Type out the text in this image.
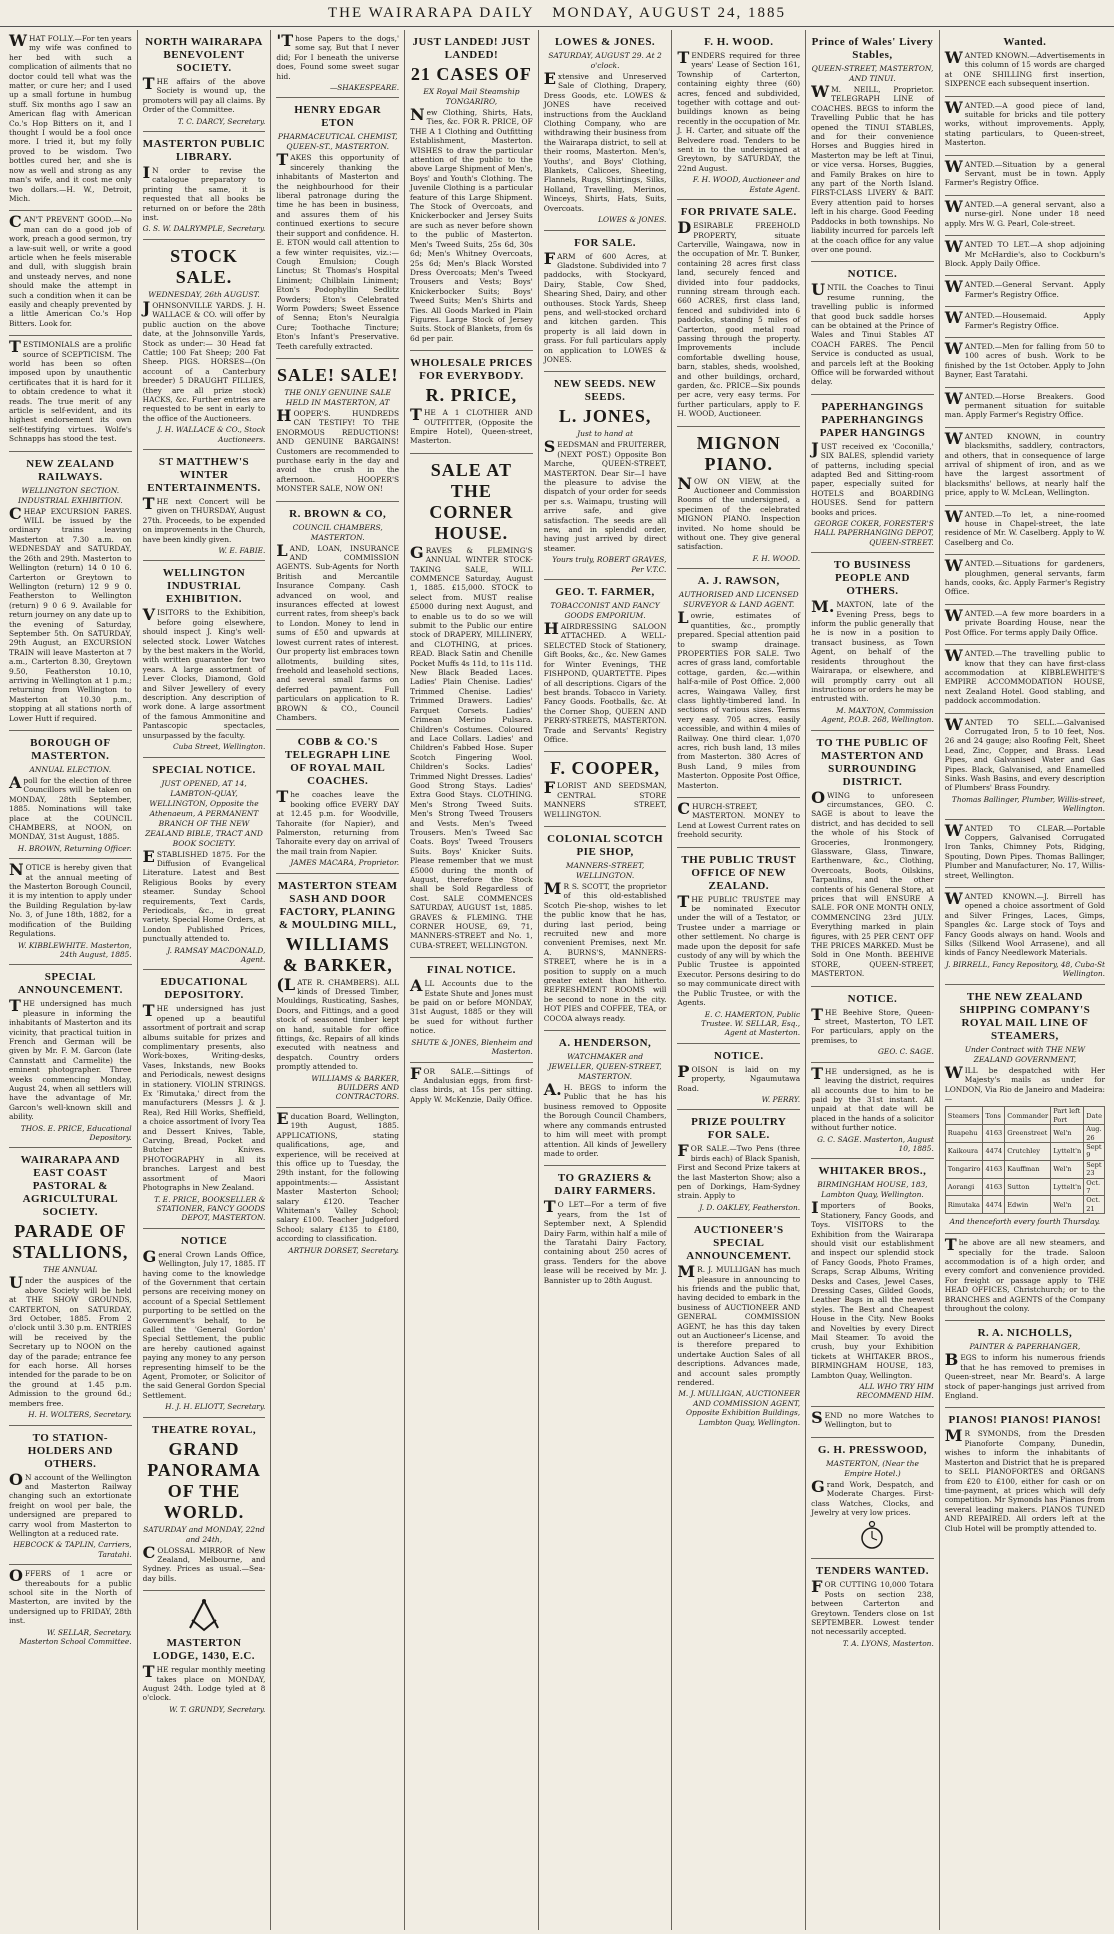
THE WAIRARAPA DAILY MONDAY, AUGUST 24, 1885

WHAT FOLLY.—For ten years my wife was confined to her bed with such a complication of ailments that no doctor could tell what was the matter, or cure her; and I used up a small fortune in humbug stuff. Six months ago I saw an American flag with American Co.'s Hop Bitters on it, and I thought I would be a fool once more. I tried it, but my folly proved to be wisdom. Two bottles cured her, and she is now as well and strong as any man's wife, and it cost me only two dollars.—H. W., Detroit, Mich.

CAN'T PREVENT GOOD.—No man can do a good job of work, preach a good sermon, try a law-suit well, or write a good article when he feels miserable and dull, with sluggish brain and unsteady nerves, and none should make the attempt in such a condition when it can be easily and cheaply prevented by a little American Co.'s Hop Bitters. Look for.

TESTIMONIALS are a prolific source of SCEPTICISM. The world has been so often imposed upon by unauthentic certificates that it is hard for it to obtain credence to what it reads. The true merit of any article is self-evident, and its highest endorsement its own self-testifying virtues. Wolfe's Schnapps has stood the test.

NEW ZEALAND RAILWAYS.
WELLINGTON SECTION. INDUSTRIAL EXHIBITION.

CHEAP EXCURSION FARES. WILL be issued by the ordinary trains leaving Masterton at 7.30 a.m. on WEDNESDAY and SATURDAY, the 26th and 29th. Masterton to Wellington (return) 14 0 10 6. Carterton or Greytown to Wellington (return) 12 9 9 0. Featherston to Wellington (return) 9 0 6 9. Available for return journey on any date up to the evening of Saturday, September 5th. On SATURDAY, 29th August, an EXCURSION TRAIN will leave Masterton at 7 a.m., Carterton 8.30, Greytown 9.50, Featherston 10.10, arriving in Wellington at 1 p.m.; returning from Wellington to Masterton at 10.30 p.m., stopping at all stations north of Lower Hutt if required.

BOROUGH OF MASTERTON.
ANNUAL ELECTION.

Apoll for the election of three Councillors will be taken on MONDAY, 28th September, 1885. Nominations will take place at the COUNCIL CHAMBERS, at NOON, on MONDAY, 31st August, 1885.

H. BROWN, Returning Officer.

NOTICE is hereby given that at the annual meeting of the Masterton Borough Council, it is my intention to apply under the Building Regulation by-law No. 3, of June 18th, 1882, for a modification of the Building Regulations.

W. KIBBLEWHITE. Masterton, 24th August, 1885.
SPECIAL ANNOUNCEMENT.

THE undersigned has much pleasure in informing the inhabitants of Masterton and its vicinity, that practical tuition in French and German will be given by Mr. F. M. Garcon (late Cannstatt and Carmelite) the eminent photographer. Three weeks commencing Monday, August 24, when all settlers will have the advantage of Mr. Garcon's well-known skill and ability.

THOS. E. PRICE, Educational Depository.
WAIRARAPA AND EAST COAST PASTORAL & AGRICULTURAL SOCIETY.
PARADE OF STALLIONS,
THE ANNUAL

Under the auspices of the above Society will be held at THE SHOW GROUNDS, CARTERTON, on SATURDAY, 3rd October, 1885. From 2 o'clock until 3.30 p.m. ENTRIES will be received by the Secretary up to NOON on the day of the parade; entrance fee for each horse. All horses intended for the parade to be on the ground at 1.45 p.m. Admission to the ground 6d.; members free.

H. H. WOLTERS, Secretary.
TO STATION-HOLDERS AND OTHERS.

ON account of the Wellington and Masterton Railway changing such an extortionate freight on wool per bale, the undersigned are prepared to carry wool from Masterton to Wellington at a reduced rate.

HEBCOCK & TAPLIN, Carriers, Taratahi.

OFFERS of 1 acre or thereabouts for a public school site in the North of Masterton, are invited by the undersigned up to FRIDAY, 28th inst.

W. SELLAR, Secretary. Masterton School Committee.
NORTH WAIRARAPA BENEVOLENT SOCIETY.

THE affairs of the above Society is wound up, the promoters will pay all claims. By Order of the Committee.

T. C. DARCY, Secretary.
MASTERTON PUBLIC LIBRARY.

IN order to revise the catalogue preparatory to printing the same, it is requested that all books be returned on or before the 28th inst.

G. S. W. DALRYMPLE, Secretary.
STOCK SALE.
WEDNESDAY, 26th AUGUST.

JOHNSONVILLE YARDS. J. H. WALLACE & CO. will offer by public auction on the above date, at the Johnsonville Yards, Stock as under:— 30 Head fat Cattle; 100 Fat Sheep; 200 Fat Sheep. PIGS. HORSES—(On account of a Canterbury breeder) 5 DRAUGHT FILLIES, (they are all prize stock) HACKS, &c. Further entries are requested to be sent in early to the office of the Auctioneers.

J. H. WALLACE & CO., Stock Auctioneers.
ST MATTHEW'S WINTER ENTERTAINMENTS.

THE next Concert will be given on THURSDAY, August 27th. Proceeds, to be expended on improvements in the Church, have been kindly given.

W. E. FABIE.
WELLINGTON INDUSTRIAL EXHIBITION.

VISITORS to the Exhibition, before going elsewhere, should inspect J. King's well-selected stock. Lower Watches by the best makers in the World, with written guarantee for two years. A large assortment of Lever Clocks, Diamond, Gold and Silver Jewellery of every description. Any description of work done. A large assortment of the famous Ammonitine and Pantascopic spectacles, unsurpassed by the faculty.

Cuba Street, Wellington.
SPECIAL NOTICE.
JUST OPENED, AT 14, LAMBTON-QUAY, WELLINGTON, Opposite the Athenaeum, A PERMANENT BRANCH OF THE NEW ZEALAND BIBLE, TRACT AND BOOK SOCIETY.

ESTABLISHED 1875. For the Diffusion of Evangelical Literature. Latest and Best Religious Books by every steamer. Sunday School requirements, Text Cards, Periodicals, &c., in great variety. Special Home Orders, at London Published Prices, punctually attended to.

J. RAMSAY MACDONALD, Agent.
EDUCATIONAL DEPOSITORY.

THE undersigned has just opened up a beautiful assortment of portrait and scrap albums suitable for prizes and complimentary presents, also Work-boxes, Writing-desks, Vases, Inkstands, new Books and Periodicals, newest designs in stationery. VIOLIN STRINGS. Ex 'Rimutaka,' direct from the manufacturers (Messrs J. & J. Rea), Red Hill Works, Sheffield, a choice assortment of Ivory Tea and Dessert Knives, Table, Carving, Bread, Pocket and Butcher Knives. PHOTOGRAPHY in all its branches. Largest and best assortment of Maori Photographs in New Zealand.

T. E. PRICE, BOOKSELLER & STATIONER, FANCY GOODS DEPOT, MASTERTON.
NOTICE

General Crown Lands Office, Wellington, July 17, 1885. IT having come to the knowledge of the Government that certain persons are receiving money on account of a Special Settlement purporting to be settled on the Government's behalf, to be called the 'General Gordon' Special Settlement, the public are hereby cautioned against paying any money to any person representing himself to be the Agent, Promoter, or Solicitor of the said General Gordon Special Settlement.

H. J. H. ELIOTT, Secretary.
THEATRE ROYAL,
GRAND PANORAMA OF THE WORLD.
SATURDAY and MONDAY, 22nd and 24th,

COLOSSAL MIRROR of New Zealand, Melbourne, and Sydney. Prices as usual.—Sea-day bills.

MASTERTON LODGE, 1430, E.C.

THE regular monthly meeting takes place on MONDAY, August 24th. Lodge tyled at 8 o'clock.

W. T. GRUNDY, Secretary.

'Those Papers to the dogs,' some say, But that I never did; For I beneath the universe does, Found some sweet sugar hid.

—SHAKESPEARE.
HENRY EDGAR ETON
PHARMACEUTICAL CHEMIST, QUEEN-ST., MASTERTON.

TAKES this opportunity of sincerely thanking the inhabitants of Masterton and the neighbourhood for their liberal patronage during the time he has been in business, and assures them of his continued exertions to secure their support and confidence. H. E. ETON would call attention to a few winter requisites, viz.:— Cough Emulsion; Cough Linctus; St Thomas's Hospital Liniment; Chilblain Liniment; Eton's Podophyllin Sedlitz Powders; Eton's Celebrated Worm Powders; Sweet Essence of Senna; Eton's Neuralgia Cure; Toothache Tincture; Eton's Infant's Preservative. Teeth carefully extracted.

SALE! SALE!
THE ONLY GENUINE SALE HELD IN MASTERTON, AT

HOOPER'S. HUNDREDS CAN TESTIFY! TO THE ENORMOUS REDUCTIONS! AND GENUINE BARGAINS! Customers are recommended to purchase early in the day and avoid the crush in the afternoon. HOOPER'S MONSTER SALE, NOW ON!

R. BROWN & CO,
COUNCIL CHAMBERS, MASTERTON.

LAND, LOAN, INSURANCE AND COMMISSION AGENTS. Sub-Agents for North British and Mercantile Insurance Company. Cash advanced on wool, and insurances effected at lowest current rates, from sheep's back to London. Money to lend in sums of £50 and upwards at lowest current rates of interest. Our property list embraces town allotments, building sites, freehold and leasehold sections, and several small farms on deferred payment. Full particulars on application to R. BROWN & CO., Council Chambers.

COBB & CO.'S TELEGRAPH LINE OF ROYAL MAIL COACHES.

The coaches leave the booking office EVERY DAY at 12.45 p.m. for Woodville, Tahoraite (for Napier), and Palmerston, returning from Tahoraite every day on arrival of the mail train from Napier.

JAMES MACARA, Proprietor.
MASTERTON STEAM SASH AND DOOR FACTORY, PLANING & MOULDING MILL,
WILLIAMS & BARKER,

(LATE R. CHAMBERS). ALL kinds of Dressed Timber, Mouldings, Rusticating, Sashes, Doors, and Fittings, and a good stock of seasoned timber kept on hand, suitable for office fittings, &c. Repairs of all kinds executed with neatness and despatch. Country orders promptly attended to.

WILLIAMS & BARKER, BUILDERS AND CONTRACTORS.

Education Board, Wellington, 19th August, 1885. APPLICATIONS, stating qualifications, age, and experience, will be received at this office up to Tuesday, the 29th instant, for the following appointments:— Assistant Master Masterton School; salary £120. Teacher Whiteman's Valley School; salary £100. Teacher Judgeford School; salary £135 to £180, according to classification.

ARTHUR DORSET, Secretary.
JUST LANDED! JUST LANDED!
21 CASES OF
EX Royal Mail Steamship TONGARIRO,

New Clothing, Shirts, Hats, Ties, &c. FOR R. PRICE, OF THE A 1 Clothing and Outfitting Establishment, Masterton. WISHES to draw the particular attention of the public to the above Large Shipment of Men's, Boys' and Youth's Clothing. The Juvenile Clothing is a particular feature of this Large Shipment. The Stock of Overcoats, and Knickerbocker and Jersey Suits are such as never before shown to the public of Masterton. Men's Tweed Suits, 25s 6d, 30s 6d; Men's Whitney Overcoats, 25s 6d; Men's Black Worsted Dress Overcoats; Men's Tweed Trousers and Vests; Boys' Knickerbocker Suits; Boys' Tweed Suits; Men's Shirts and Ties. All Goods Marked in Plain Figures. Large Stock of Jersey Suits. Stock of Blankets, from 6s 6d per pair.

WHOLESALE PRICES FOR EVERYBODY.
R. PRICE,

THE A 1 CLOTHIER AND OUTFITTER, (Opposite the Empire Hotel), Queen-street, Masterton.

SALE AT THE CORNER HOUSE.

GRAVES & FLEMING'S ANNUAL WINTER STOCK-TAKING SALE, WILL COMMENCE Saturday, August 1, 1885. £15,000. STOCK to select from. MUST realise £5000 during next August, and to enable us to do so we will submit to the Public our entire stock of DRAPERY, MILLINERY, and CLOTHING, at prices. READ. Black Satin and Chenille Pocket Muffs 4s 11d, to 11s 11d. New Black Beaded Laces. Ladies' Plain Chenise. Ladies' Trimmed Chenise. Ladies' Trimmed Drawers. Ladies' Farquet Corsets. Ladies' Crimean Merino Pulsara. Children's Costumes. Coloured and Lace Collars. Ladies' and Children's Fabbed Hose. Super Scotch Fingering Wool. Children's Socks. Ladies' Trimmed Night Dresses. Ladies' Good Strong Stays. Ladies' Extra Good Stays. CLOTHING. Men's Strong Tweed Suits. Men's Strong Tweed Trousers and Vests. Men's Tweed Trousers. Men's Tweed Sac Coats. Boys' Tweed Trousers Suits. Boys' Knicker Suits. Please remember that we must £5000 during the month of August, therefore the Stock shall be Sold Regardless of Cost. SALE COMMENCES SATURDAY, AUGUST 1st, 1885. GRAVES & FLEMING. THE CORNER HOUSE, 69, 71, MANNERS-STREET and No. 1, CUBA-STREET, WELLINGTON.

FINAL NOTICE.

ALL Accounts due to the Estate Shute and Jones must be paid on or before MONDAY, 31st August, 1885 or they will be sued for without further notice.

SHUTE & JONES, Blenheim and Masterton.

FOR SALE.—Sittings of Andalusian eggs, from first-class birds, at 15s per sitting. Apply W. McKenzie, Daily Office.

LOWES & JONES.
SATURDAY, AUGUST 29. At 2 o'clock.

Extensive and Unreserved Sale of Clothing, Drapery, Dress Goods, etc. LOWES & JONES have received instructions from the Auckland Clothing Company, who are withdrawing their business from the Wairarapa district, to sell at their rooms, Masterton. Men's, Youths', and Boys' Clothing, Blankets, Calicoes, Sheeting, Flannels, Rugs, Shirtings, Silks, Holland, Travelling, Merinos, Winceys, Shirts, Hats, Suits, Overcoats.

LOWES & JONES.
FOR SALE.

FARM of 600 Acres, at Gladstone. Subdivided into 7 paddocks, with Stockyard, Dairy, Stable, Cow Shed, Shearing Shed, Dairy, and other outhouses. Stock Yards, Sheep pens, and well-stocked orchard and kitchen garden. This property is all laid down in grass. For full particulars apply on application to LOWES & JONES.

NEW SEEDS. NEW SEEDS.
L. JONES,
Just to hand at

SEEDSMAN and FRUITERER, (NEXT POST.) Opposite Bon Marche, QUEEN-STREET, MASTERTON. Dear Sir—I have the pleasure to advise the dispatch of your order for seeds per s.s. Waimapu, trusting will arrive safe, and give satisfaction. The seeds are all new, and in splendid order, having just arrived by direct steamer.

Yours truly, ROBERT GRAVES, Per V.T.C.
GEO. T. FARMER,
TOBACCONIST AND FANCY GOODS EMPORIUM.

HAIRDRESSING SALOON ATTACHED. A WELL-SELECTED Stock of Stationery, Gift Books, &c., &c. New Games for Winter Evenings, THE FISHPOND, QUARTETTE. Pipes of all descriptions. Cigars of the best brands. Tobacco in Variety. Fancy Goods. Footballs, &c. At the Corner Shop, QUEEN AND PERRY-STREETS, MASTERTON. Trade and Servants' Registry Office.

F. COOPER,

FLORIST AND SEEDSMAN, CENTRAL STORE MANNERS STREET, WELLINGTON.

COLONIAL SCOTCH PIE SHOP,
MANNERS-STREET, WELLINGTON.

MR S. SCOTT, the proprietor of this old-established Scotch Pie-shop, wishes to let the public know that he has, during last period, being recruited new and more convenient Premises, next Mr. A. BURNS'S, MANNERS-STREET, where he is in a position to supply on a much greater extent than hitherto. REFRESHMENT ROOMS will be second to none in the city. HOT PIES and COFFEE, TEA, or COCOA always ready.

A. HENDERSON,
WATCHMAKER and JEWELLER, QUEEN-STREET, MASTERTON.

A.H. BEGS to inform the Public that he has his business removed to Opposite the Borough Council Chambers, where any commands entrusted to him will meet with prompt attention. All kinds of Jewellery made to order.

TO GRAZIERS & DAIRY FARMERS.

TO LET—For a term of five years, from the 1st of September next, A Splendid Dairy Farm, within half a mile of the Taratahi Dairy Factory, containing about 250 acres of grass. Tenders for the above lease will be received by Mr. J. Bannister up to 28th August.

F. H. WOOD.

TENDERS required for three years' Lease of Section 161, Township of Carterton, containing eighty three (60) acres, fenced and subdivided, together with cottage and out-buildings known as being recently in the occupation of Mr. J. H. Carter, and situate off the Belvedere road. Tenders to be sent in to the undersigned at Greytown, by SATURDAY, the 22nd August.

F. H. WOOD, Auctioneer and Estate Agent.
FOR PRIVATE SALE.

DESIRABLE FREEHOLD PROPERTY, situate Carterville, Waingawa, now in the occupation of Mr. T. Bunker, containing 28 acres first class land, securely fenced and divided into four paddocks, running stream through each. 660 ACRES, first class land, fenced and subdivided into 6 paddocks, standing 5 miles of Carterton, good metal road passing through the property. Improvements include comfortable dwelling house, barn, stables, sheds, woolshed, and other buildings, orchard, garden, &c. PRICE—Six pounds per acre, very easy terms. For further particulars, apply to F. H. WOOD, Auctioneer.

MIGNON PIANO.

NOW ON VIEW, at the Auctioneer and Commission Rooms of the undersigned, a specimen of the celebrated MIGNON PIANO. Inspection invited. No home should be without one. They give general satisfaction.

F. H. WOOD.
A. J. RAWSON,
AUTHORISED AND LICENSED SURVEYOR & LAND AGENT.

Lowrie, estimates of quantities, &c., promptly prepared. Special attention paid to swamp drainage. PROPERTIES FOR SALE. Two acres of grass land, comfortable cottage, garden, &c.—within half-a-mile of Post Office. 2,000 acres, Waingawa Valley, first class lightly-timbered land. In sections of various sizes. Terms very easy. 705 acres, easily accessible, and within 4 miles of Railway. One third clear. 1,070 acres, rich bush land, 13 miles from Masterton. 380 Acres of Bush Land, 9 miles from Masterton. Opposite Post Office, Masterton.

CHURCH-STREET, MASTERTON. MONEY to Lend at Lowest Current rates on freehold security.

THE PUBLIC TRUST OFFICE OF NEW ZEALAND.

THE PUBLIC TRUSTEE may be nominated Executor under the will of a Testator, or Trustee under a marriage or other settlement. No charge is made upon the deposit for safe custody of any will by which the Public Trustee is appointed Executor. Persons desiring to do so may communicate direct with the Public Trustee, or with the Agents.

E. C. HAMERTON, Public Trustee. W. SELLAR, Esq., Agent at Masterton.
NOTICE.

POISON is laid on my property, Ngaumutawa Road.

W. PERRY.
PRIZE POULTRY FOR SALE.

FOR SALE.—Two Pens (three birds each) of Black Spanish, First and Second Prize takers at the last Masterton Show; also a pen of Dorkings, Ham-Sydney strain. Apply to

J. D. OAKLEY, Featherston.
AUCTIONEER'S SPECIAL ANNOUNCEMENT.

MR. J. MULLIGAN has much pleasure in announcing to his friends and the public that, having decided to embark in the business of AUCTIONEER AND GENERAL COMMISSION AGENT, he has this day taken out an Auctioneer's License, and is therefore prepared to undertake Auction Sales of all descriptions. Advances made, and account sales promptly rendered.

M. J. MULLIGAN, AUCTIONEER AND COMMISSION AGENT, Opposite Exhibition Buildings, Lambton Quay, Wellington.
Prince of Wales' Livery Stables,
QUEEN-STREET, MASTERTON, AND TINUI.

WM. NEILL, Proprietor. TELEGRAPH LINE of COACHES. BEGS to inform the Travelling Public that he has opened the TINUI STABLES, and for their convenience Horses and Buggies hired in Masterton may be left at Tinui, or vice versa. Horses, Buggies, and Family Brakes on hire to any part of the North Island. FIRST-CLASS LIVERY & BAIT. Every attention paid to horses left in his charge. Good Feeding Paddocks in both townships. No liability incurred for parcels left at the coach office for any value over one pound.

NOTICE.

UNTIL the Coaches to Tinui resume running, the travelling public is informed that good buck saddle horses can be obtained at the Prince of Wales and Tinui Stables AT COACH FARES. The Pencil Service is conducted as usual, and parcels left at the Booking Office will be forwarded without delay.

PAPERHANGINGS PAPERHANGINGS PAPER HANGINGS

JUST received ex 'Coconilla,' SIX BALES, splendid variety of patterns, including special adapted Bed and Sitting-room paper, especially suited for HOTELS and BOARDING HOUSES. Send for pattern books and prices.

GEORGE COKER, FORESTER'S HALL PAPERHANGING DEPOT, QUEEN-STREET.
TO BUSINESS PEOPLE AND OTHERS.

M.MAXTON, late of the Evening Press, begs to inform the public generally that he is now in a position to transact business, as Town Agent, on behalf of the residents throughout the Wairarapa, or elsewhere, and will promptly carry out all instructions or orders he may be entrusted with.

M. MAXTON, Commission Agent, P.O.B. 268, Wellington.
TO THE PUBLIC OF MASTERTON AND SURROUNDING DISTRICT.

OWING to unforeseen circumstances, GEO. C. SAGE is about to leave the district, and has decided to sell the whole of his Stock of Groceries, Ironmongery, Glassware, Glass, Tinware, Earthenware, &c., Clothing, Overcoats, Boots, Oilskins, Tarpaulins, and the other contents of his General Store, at prices that will ENSURE A SALE. FOR ONE MONTH ONLY, COMMENCING 23rd JULY. Everything marked in plain figures, with 25 PER CENT OFF THE PRICES MARKED. Must be Sold in One Month. BEEHIVE STORE, QUEEN-STREET, MASTERTON.

NOTICE.

THE Beehive Store, Queen-street, Masterton, TO LET. For particulars, apply on the premises, to

GEO. C. SAGE.

THE undersigned, as he is leaving the district, requires all accounts due to him to be paid by the 31st instant. All unpaid at that date will be placed in the hands of a solicitor without further notice.

G. C. SAGE. Masterton, August 10, 1885.
WHITAKER BROS.,
BIRMINGHAM HOUSE, 183, Lambton Quay, Wellington.

Importers of Books, Stationery, Fancy Goods, and Toys. VISITORS to the Exhibition from the Wairarapa should visit our establishment and inspect our splendid stock of Fancy Goods, Photo Frames, Scraps, Scrap Albums, Writing Desks and Cases, Jewel Cases, Dressing Cases, Gilded Goods, Leather Bags in all the newest styles. The Best and Cheapest House in the City. New Books and Novelties by every Direct Mail Steamer. To avoid the crush, buy your Exhibition tickets at WHITAKER BROS., BIRMINGHAM HOUSE, 183, Lambton Quay, Wellington.

ALL WHO TRY HIM RECOMMEND HIM.

SEND no more Watches to Wellington, but to

G. H. PRESSWOOD,
MASTERTON, (Near the Empire Hotel.)

Grand Work, Despatch, and Moderate Charges. First-class Watches, Clocks, and Jewelry at very low prices.

TENDERS WANTED.

FOR CUTTING 10,000 Totara Posts on section 238, between Carterton and Greytown. Tenders close on 1st SEPTEMBER. Lowest tender not necessarily accepted.

T. A. LYONS, Masterton.
Wanted.

WANTED KNOWN.—Advertisements in this column of 15 words are charged at ONE SHILLING first insertion, SIXPENCE each subsequent insertion.

WANTED.—A good piece of land, suitable for bricks and tile pottery works, without improvements. Apply, stating particulars, to Queen-street, Masterton.

WANTED.—Situation by a general Servant, must be in town. Apply Farmer's Registry Office.

WANTED.—A general servant, also a nurse-girl. None under 18 need apply. Mrs W. G. Pearl, Cole-street.

WANTED TO LET.—A shop adjoining Mr McHardie's, also to Cockburn's Block. Apply Daily Office.

WANTED.—General Servant. Apply Farmer's Registry Office.

WANTED.—Housemaid. Apply Farmer's Registry Office.

WANTED.—Men for falling from 50 to 100 acres of bush. Work to be finished by the 1st October. Apply to John Bayner, East Taratahi.

WANTED.—Horse Breakers. Good permanent situation for suitable man. Apply Farmer's Registry Office.

WANTED KNOWN, in country blacksmiths, saddlery, contractors, and others, that in consequence of large arrival of shipment of iron, and as we have the largest assortment of blacksmiths' bellows, at nearly half the price, apply to W. McLean, Wellington.

WANTED.—To let, a nine-roomed house in Chapel-street, the late residence of Mr. W. Caselberg. Apply to W. Caselberg and Co.

WANTED.—Situations for gardeners, ploughmen, general servants, farm hands, cooks, &c. Apply Farmer's Registry Office.

WANTED.—A few more boarders in a private Boarding House, near the Post Office. For terms apply Daily Office.

WANTED.—The travelling public to know that they can have first-class accommodation at KIBBLEWHITE'S EMPIRE ACCOMMODATION HOUSE, next Zealand Hotel. Good stabling, and paddock accommodation.

WANTED TO SELL.—Galvanised Corrugated Iron, 5 to 10 feet, Nos. 26 and 24 gauge; also Roofing Felt, Sheet Lead, Zinc, Copper, and Brass. Lead Pipes, and Galvanised Water and Gas Pipes. Black, Galvanised, and Enamelled Sinks. Wash Basins, and every description of Plumbers' Brass Foundry.

Thomas Ballinger, Plumber, Willis-street, Wellington.

WANTED TO CLEAR.—Portable Coppers, Galvanised Corrugated Iron Tanks, Chimney Pots, Ridging, Spouting, Down Pipes. Thomas Ballinger, Plumber and Manufacturer, No. 17, Willis-street, Wellington.

WANTED KNOWN.—J. Birrell has opened a choice assortment of Gold and Silver Fringes, Laces, Gimps, Spangles &c. Large stock of Toys and Fancy Goods always on hand. Wools and Silks (Silkend Wool Arrasene), and all kinds of Fancy Needlework Materials.

J. BIRRELL, Fancy Repository, 48, Cuba-St Wellington.
THE NEW ZEALAND SHIPPING COMPANY'S ROYAL MAIL LINE OF STEAMERS,
Under Contract with THE NEW ZEALAND GOVERNMENT,

WILL be despatched with Her Majesty's mails as under for LONDON, Via Rio de Janeiro and Madeira:—

Steamers	Tons	Commander	Part left Port	Date
Ruapehu	4163	Greenstreet	Wel'n	Aug. 26
Kaikoura	4474	Crutchley	Lyttelt'n	Sept 9
Tongariro	4163	Kauffman	Wel'n	Sept 23
Aorangi	4163	Sutton	Lyttelt'n	Oct. 7
Rimutaka	4474	Edwin	Wel'n	Oct. 21
And thenceforth every fourth Thursday.

The above are all new steamers, and specially for the trade. Saloon accommodation is of a high order, and every comfort and convenience provided. For freight or passage apply to THE HEAD OFFICES, Christchurch; or to the BRANCHES and AGENTS of the Company throughout the colony.

R. A. NICHOLLS,
PAINTER & PAPERHANGER,

BEGS to inform his numerous friends that he has removed to premises in Queen-street, near Mr. Beard's. A large stock of paper-hangings just arrived from England.

PIANOS! PIANOS! PIANOS!

MR SYMONDS, from the Dresden Pianoforte Company, Dunedin, wishes to inform the inhabitants of Masterton and District that he is prepared to SELL PIANOFORTES and ORGANS from £20 to £100, either for cash or on time-payment, at prices which will defy competition. Mr Symonds has Pianos from several leading makers. PIANOS TUNED AND REPAIRED. All orders left at the Club Hotel will be promptly attended to.
